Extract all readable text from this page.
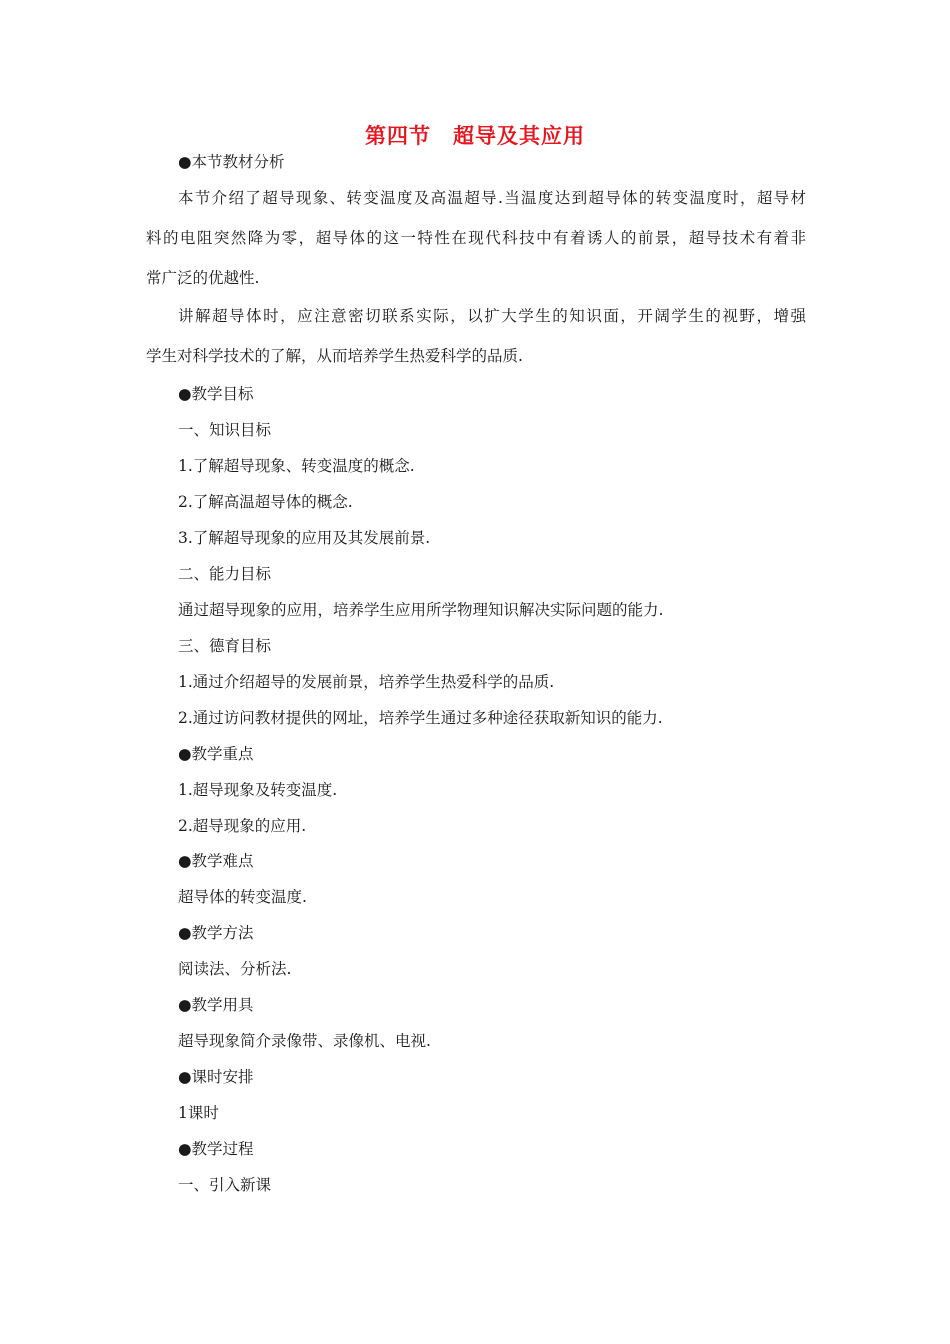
第四节　超导及其应用
●本节教材分析
本节介绍了超导现象、转变温度及高温超导.当温度达到超导体的转变温度时，超导材
料的电阻突然降为零，超导体的这一特性在现代科技中有着诱人的前景，超导技术有着非
常广泛的优越性.
讲解超导体时，应注意密切联系实际，以扩大学生的知识面，开阔学生的视野，增强
学生对科学技术的了解，从而培养学生热爱科学的品质.
●教学目标
一、知识目标
1.了解超导现象、转变温度的概念.
2.了解高温超导体的概念.
3.了解超导现象的应用及其发展前景.
二、能力目标
通过超导现象的应用，培养学生应用所学物理知识解决实际问题的能力.
三、德育目标
1.通过介绍超导的发展前景，培养学生热爱科学的品质.
2.通过访问教材提供的网址，培养学生通过多种途径获取新知识的能力.
●教学重点
1.超导现象及转变温度.
2.超导现象的应用.
●教学难点
超导体的转变温度.
●教学方法
阅读法、分析法.
●教学用具
超导现象简介录像带、录像机、电视.
●课时安排
1课时
●教学过程
一、引入新课
